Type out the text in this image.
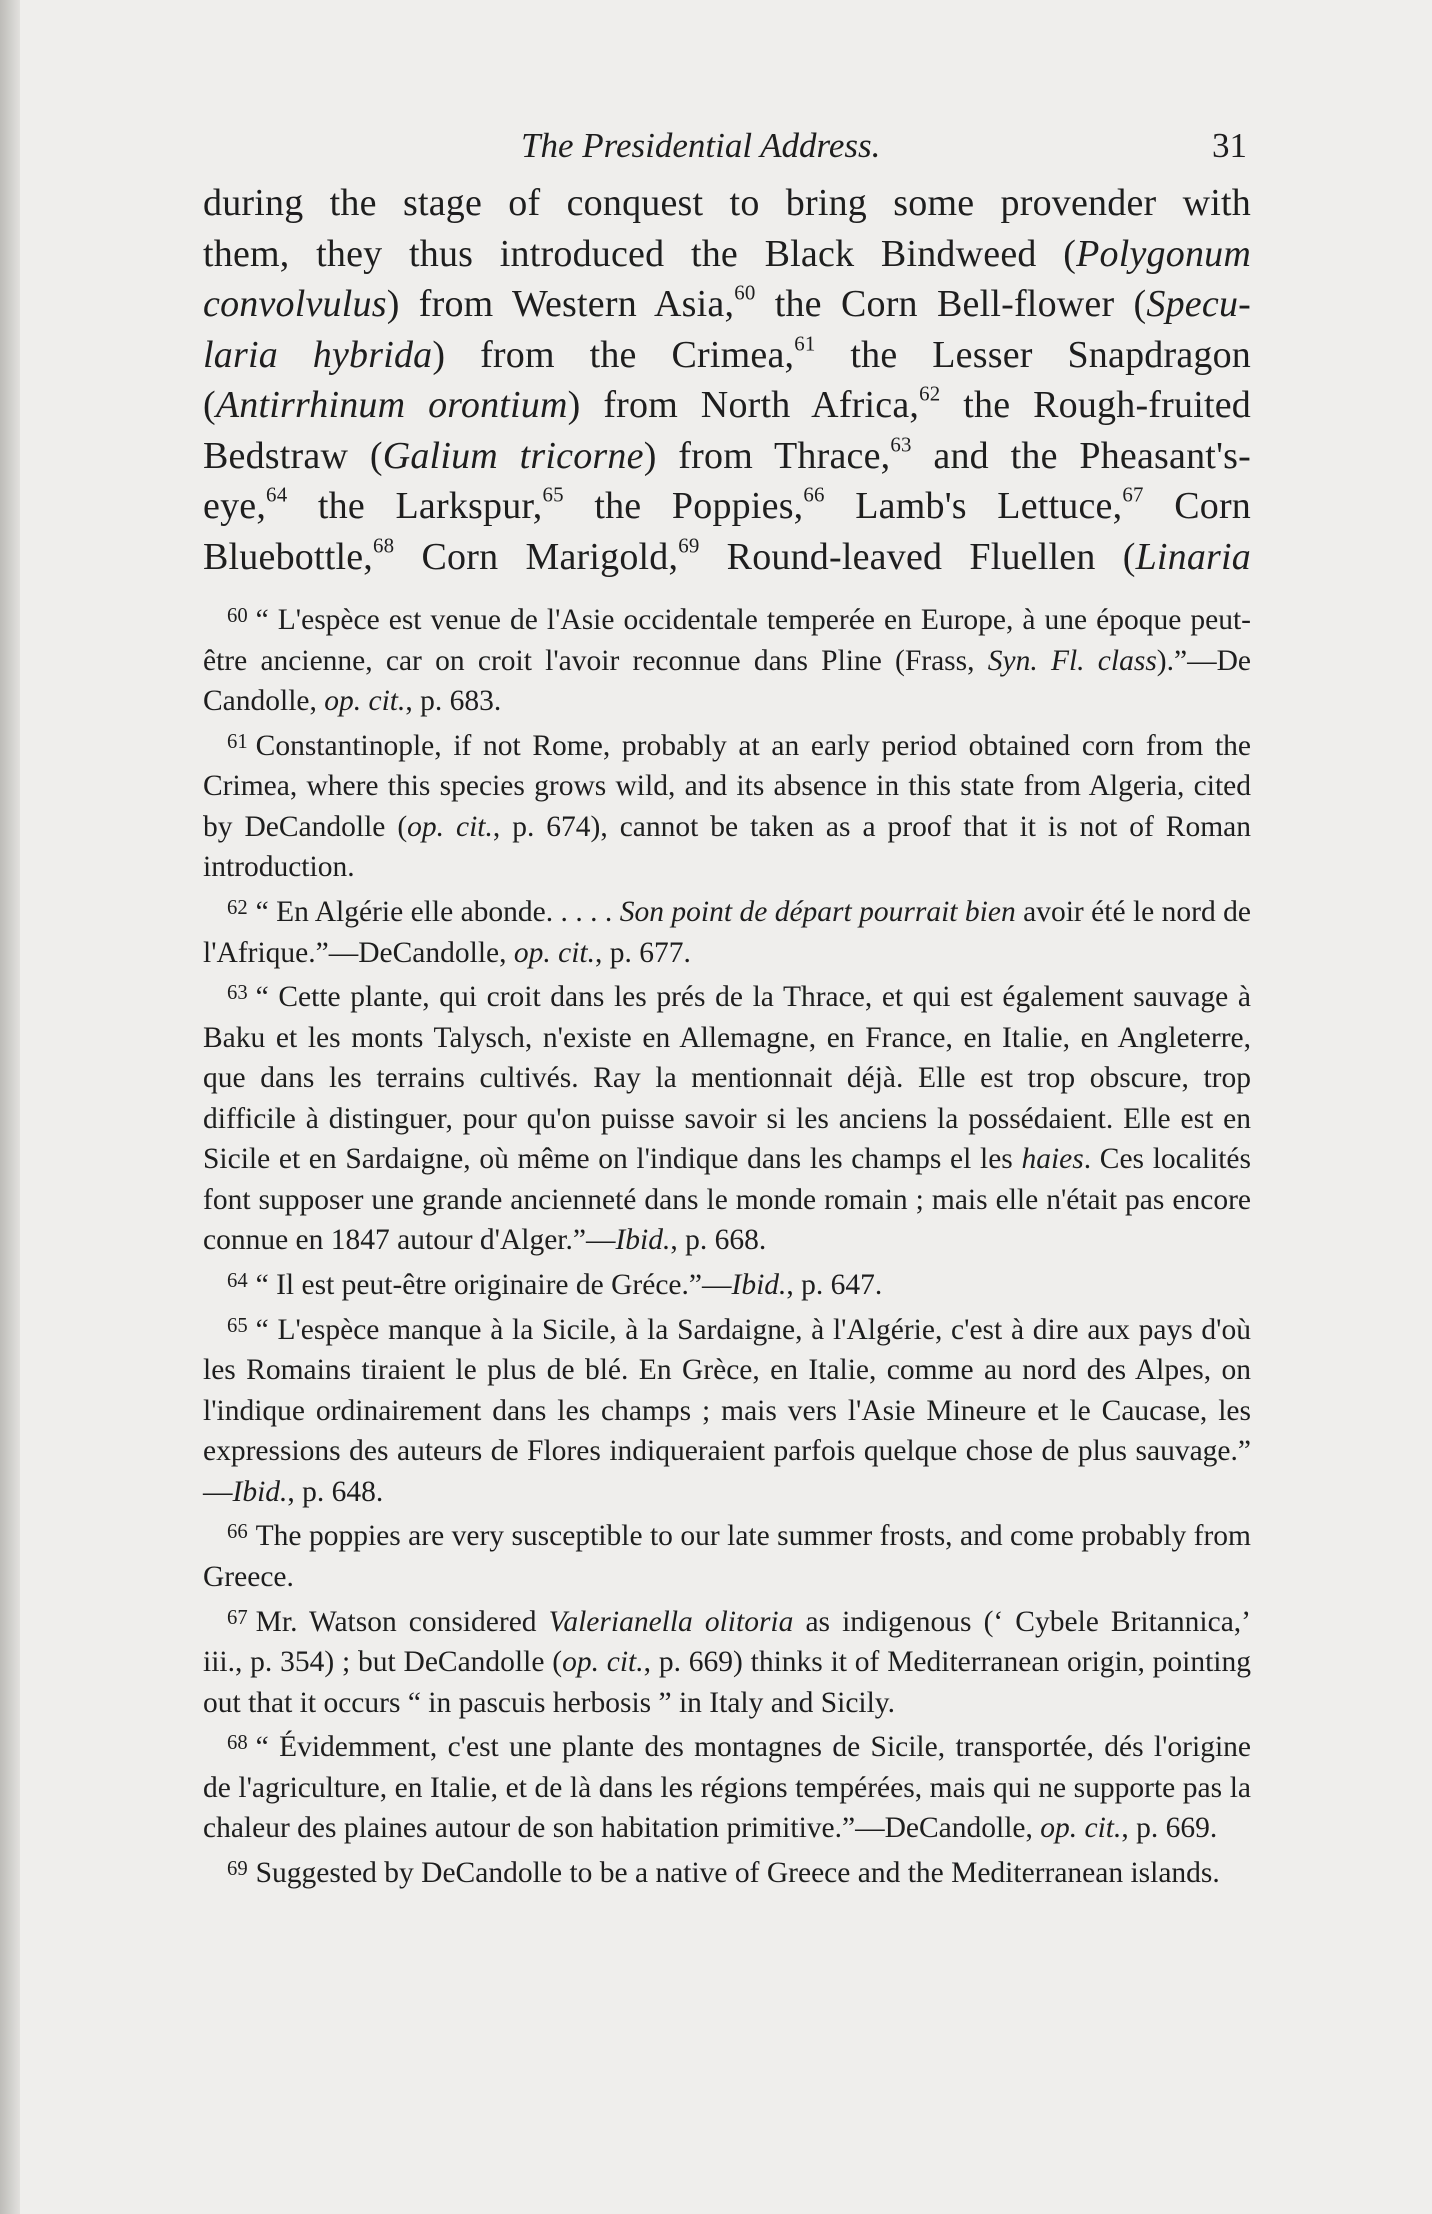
The Presidential Address.	31

during the stage of conquest to bring some provender with

them, they thus introduced the Black Bindweed (Polygonum

convolvulus) from Western Asia,$^{60}$ the Corn Bell-flower (Specu-

laria hybrida) from the Crimea,$^{61}$ the Lesser Snapdragon

(Antirrhinum orontium) from North Africa,$^{62}$ the Rough-fruited

Bedstraw (Galium tricorne) from Thrace,$^{63}$ and the Pheasant's-

eye,$^{64}$ the Larkspur,$^{65}$ the Poppies,$^{66}$ Lamb's Lettuce,$^{67}$ Corn

Bluebottle,$^{68}$ Corn Marigold,$^{69}$ Round-leaved Fluellen (Linaria

$^{60}$ “ L'espèce est venue de l'Asie occidentale temperée en Europe, à une époque peut-être ancienne, car on croit l'avoir reconnue dans Pline (Frass, Syn. Fl. class).”—De Candolle, op. cit., p. 683.

$^{61}$ Constantinople, if not Rome, probably at an early period obtained corn from the Crimea, where this species grows wild, and its absence in this state from Algeria, cited by DeCandolle (op. cit., p. 674), cannot be taken as a proof that it is not of Roman introduction.

$^{62}$ “ En Algérie elle abonde. . . . . Son point de départ pourrait bien avoir été le nord de l'Afrique.”—DeCandolle, op. cit., p. 677.

$^{63}$ “ Cette plante, qui croit dans les prés de la Thrace, et qui est également sauvage à Baku et les monts Talysch, n'existe en Allemagne, en France, en Italie, en Angleterre, que dans les terrains cultivés. Ray la mentionnait déjà. Elle est trop obscure, trop difficile à distinguer, pour qu'on puisse savoir si les anciens la possédaient. Elle est en Sicile et en Sardaigne, où même on l'indique dans les champs el les haies. Ces localités font supposer une grande ancienneté dans le monde romain ; mais elle n'était pas encore connue en 1847 autour d'Alger.”—Ibid., p. 668.

$^{64}$ “ Il est peut-être originaire de Gréce.”—Ibid., p. 647.

$^{65}$ “ L'espèce manque à la Sicile, à la Sardaigne, à l'Algérie, c'est à dire aux pays d'où les Romains tiraient le plus de blé. En Grèce, en Italie, comme au nord des Alpes, on l'indique ordinairement dans les champs ; mais vers l'Asie Mineure et le Caucase, les expressions des auteurs de Flores indiqueraient parfois quelque chose de plus sauvage.” —Ibid., p. 648.

$^{66}$ The poppies are very susceptible to our late summer frosts, and come probably from Greece.

$^{67}$ Mr. Watson considered Valerianella olitoria as indigenous (‘ Cybele Britannica,’ iii., p. 354) ; but DeCandolle (op. cit., p. 669) thinks it of Mediterranean origin, pointing out that it occurs “ in pascuis herbosis ” in Italy and Sicily.

$^{68}$ “ Évidemment, c'est une plante des montagnes de Sicile, transportée, dés l'origine de l'agriculture, en Italie, et de là dans les régions tempérées, mais qui ne supporte pas la chaleur des plaines autour de son habitation primitive.”—DeCandolle, op. cit., p. 669.

$^{69}$ Suggested by DeCandolle to be a native of Greece and the Mediterranean islands.
